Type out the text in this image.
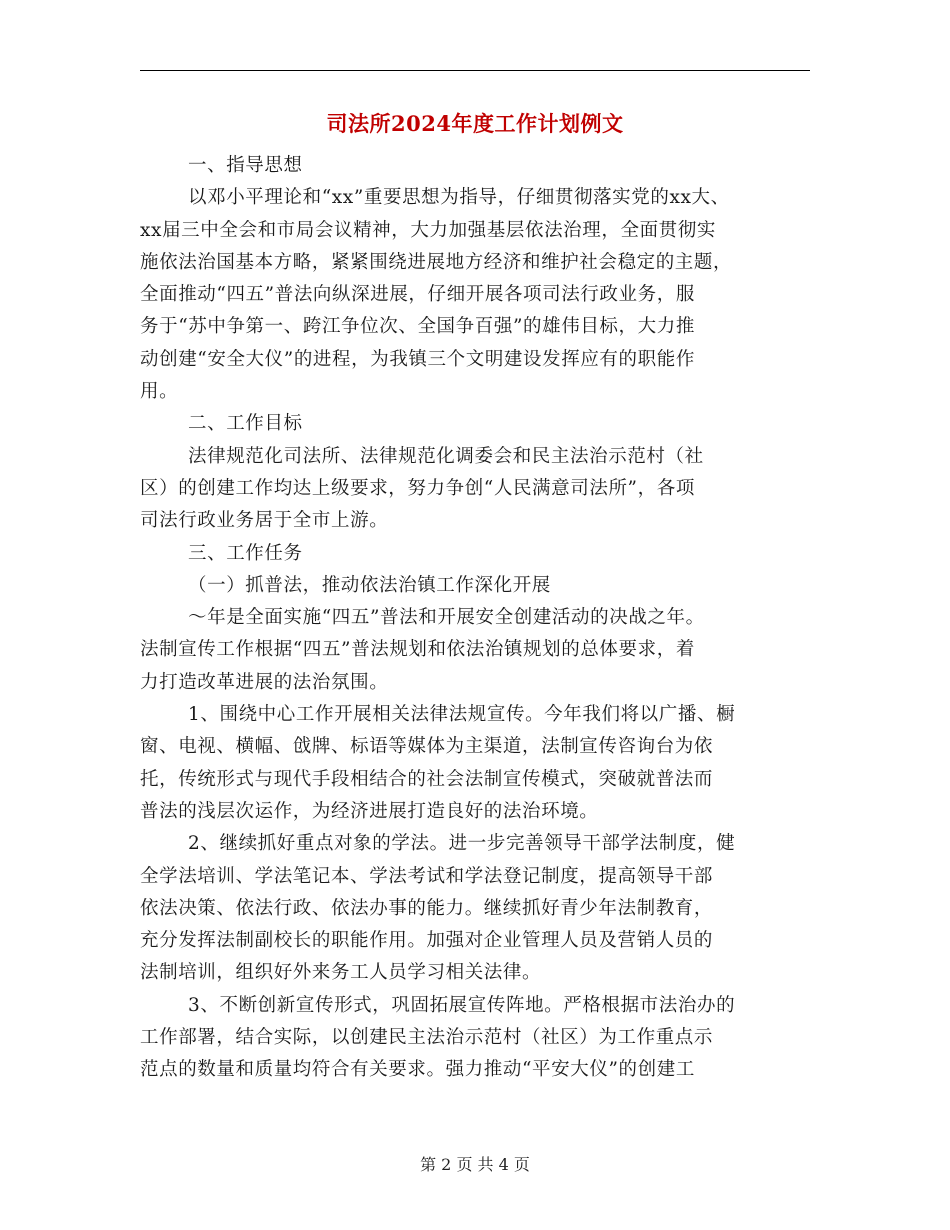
司法所2024年度工作计划例文
一、指导思想
以邓小平理论和“xx”重要思想为指导，仔细贯彻落实党的xx大、
xx届三中全会和市局会议精神，大力加强基层依法治理，全面贯彻实
施依法治国基本方略，紧紧围绕进展地方经济和维护社会稳定的主题，
全面推动“四五”普法向纵深进展，仔细开展各项司法行政业务，服
务于“苏中争第一、跨江争位次、全国争百强”的雄伟目标，大力推
动创建“安全大仪”的进程，为我镇三个文明建设发挥应有的职能作
用。
二、工作目标
法律规范化司法所、法律规范化调委会和民主法治示范村（社
区）的创建工作均达上级要求，努力争创“人民满意司法所”，各项
司法行政业务居于全市上游。
三、工作任务
（一）抓普法，推动依法治镇工作深化开展
～年是全面实施“四五”普法和开展安全创建活动的决战之年。
法制宣传工作根据“四五”普法规划和依法治镇规划的总体要求，着
力打造改革进展的法治氛围。
1、围绕中心工作开展相关法律法规宣传。今年我们将以广播、橱
窗、电视、横幅、戗牌、标语等媒体为主渠道，法制宣传咨询台为依
托，传统形式与现代手段相结合的社会法制宣传模式，突破就普法而
普法的浅层次运作，为经济进展打造良好的法治环境。
2、继续抓好重点对象的学法。进一步完善领导干部学法制度，健
全学法培训、学法笔记本、学法考试和学法登记制度，提高领导干部
依法决策、依法行政、依法办事的能力。继续抓好青少年法制教育，
充分发挥法制副校长的职能作用。加强对企业管理人员及营销人员的
法制培训，组织好外来务工人员学习相关法律。
3、不断创新宣传形式，巩固拓展宣传阵地。严格根据市法治办的
工作部署，结合实际，以创建民主法治示范村（社区）为工作重点示
范点的数量和质量均符合有关要求。强力推动“平安大仪”的创建工
第 2 页 共 4 页
